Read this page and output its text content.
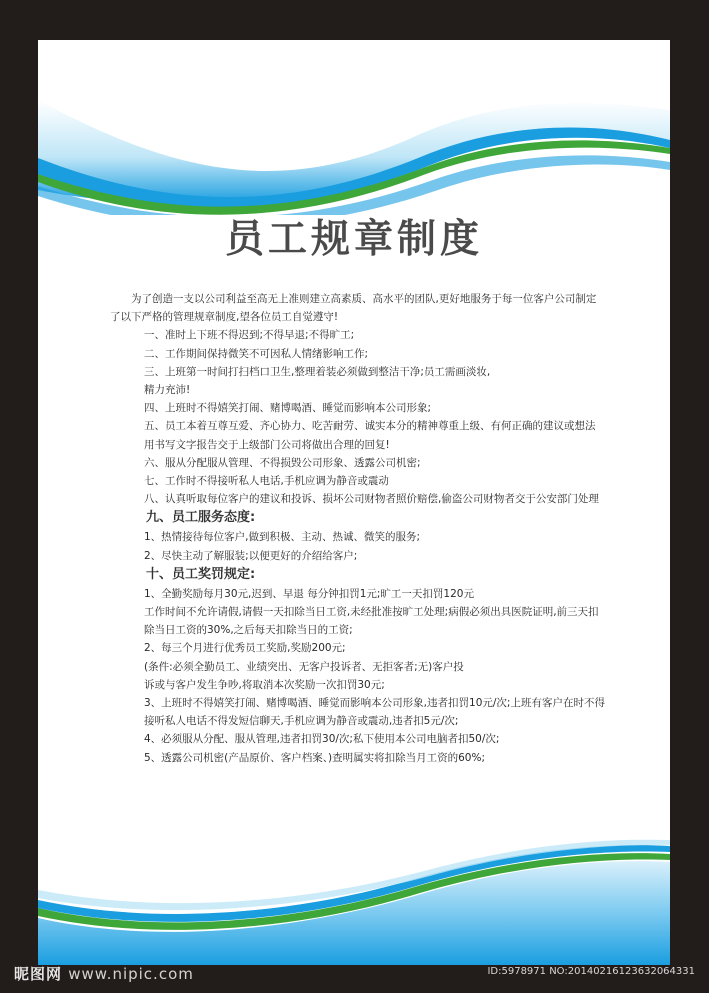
员工规章制度

为了创造一支以公司利益至高无上准则建立高素质、高水平的团队,更好地服务于每一位客户公司制定了以下严格的管理规章制度,望各位员工自觉遵守!

一、准时上下班不得迟到;不得早退;不得旷工;

二、工作期间保持微笑不可因私人情绪影响工作;

三、上班第一时间打扫档口卫生,整理着装必须做到整洁干净;员工需画淡妆,

精力充沛!

四、上班时不得嬉笑打闹、赌博喝酒、睡觉而影响本公司形象;

五、员工本着互尊互爱、齐心协力、吃苦耐劳、诚实本分的精神尊重上级、有何正确的建议或想法用书写文字报告交于上级部门公司将做出合理的回复!

六、服从分配服从管理、不得损毁公司形象、透露公司机密;

七、工作时不得接听私人电话,手机应调为静音或震动

八、认真听取每位客户的建议和投诉、损坏公司财物者照价赔偿,偷盗公司财物者交于公安部门处理

九、员工服务态度:

1、热情接待每位客户,做到积极、主动、热诚、微笑的服务;

2、尽快主动了解服装;以便更好的介绍给客户;

十、员工奖罚规定:

1、全勤奖励每月30元,迟到、早退 每分钟扣罚1元;旷工一天扣罚120元

工作时间不允许请假,请假一天扣除当日工资,未经批准按旷工处理;病假必须出具医院证明,前三天扣除当日工资的30%,之后每天扣除当日的工资;

2、每三个月进行优秀员工奖励,奖励200元;

(条件:必须全勤员工、业绩突出、无客户投诉者、无拒客者;无)客户投

诉或与客户发生争吵,将取消本次奖励一次扣罚30元;

3、上班时不得嬉笑打闹、赌博喝酒、睡觉而影响本公司形象,违者扣罚10元/次;上班有客户在时不得接听私人电话不得发短信聊天,手机应调为静音或震动,违者扣5元/次;

4、必须服从分配、服从管理,违者扣罚30/次;私下使用本公司电脑者扣50/次;

5、透露公司机密(产品原价、客户档案、)查明属实将扣除当月工资的60%;

昵图网 www.nipic.com	ID:5978971 NO:20140216123632064331
